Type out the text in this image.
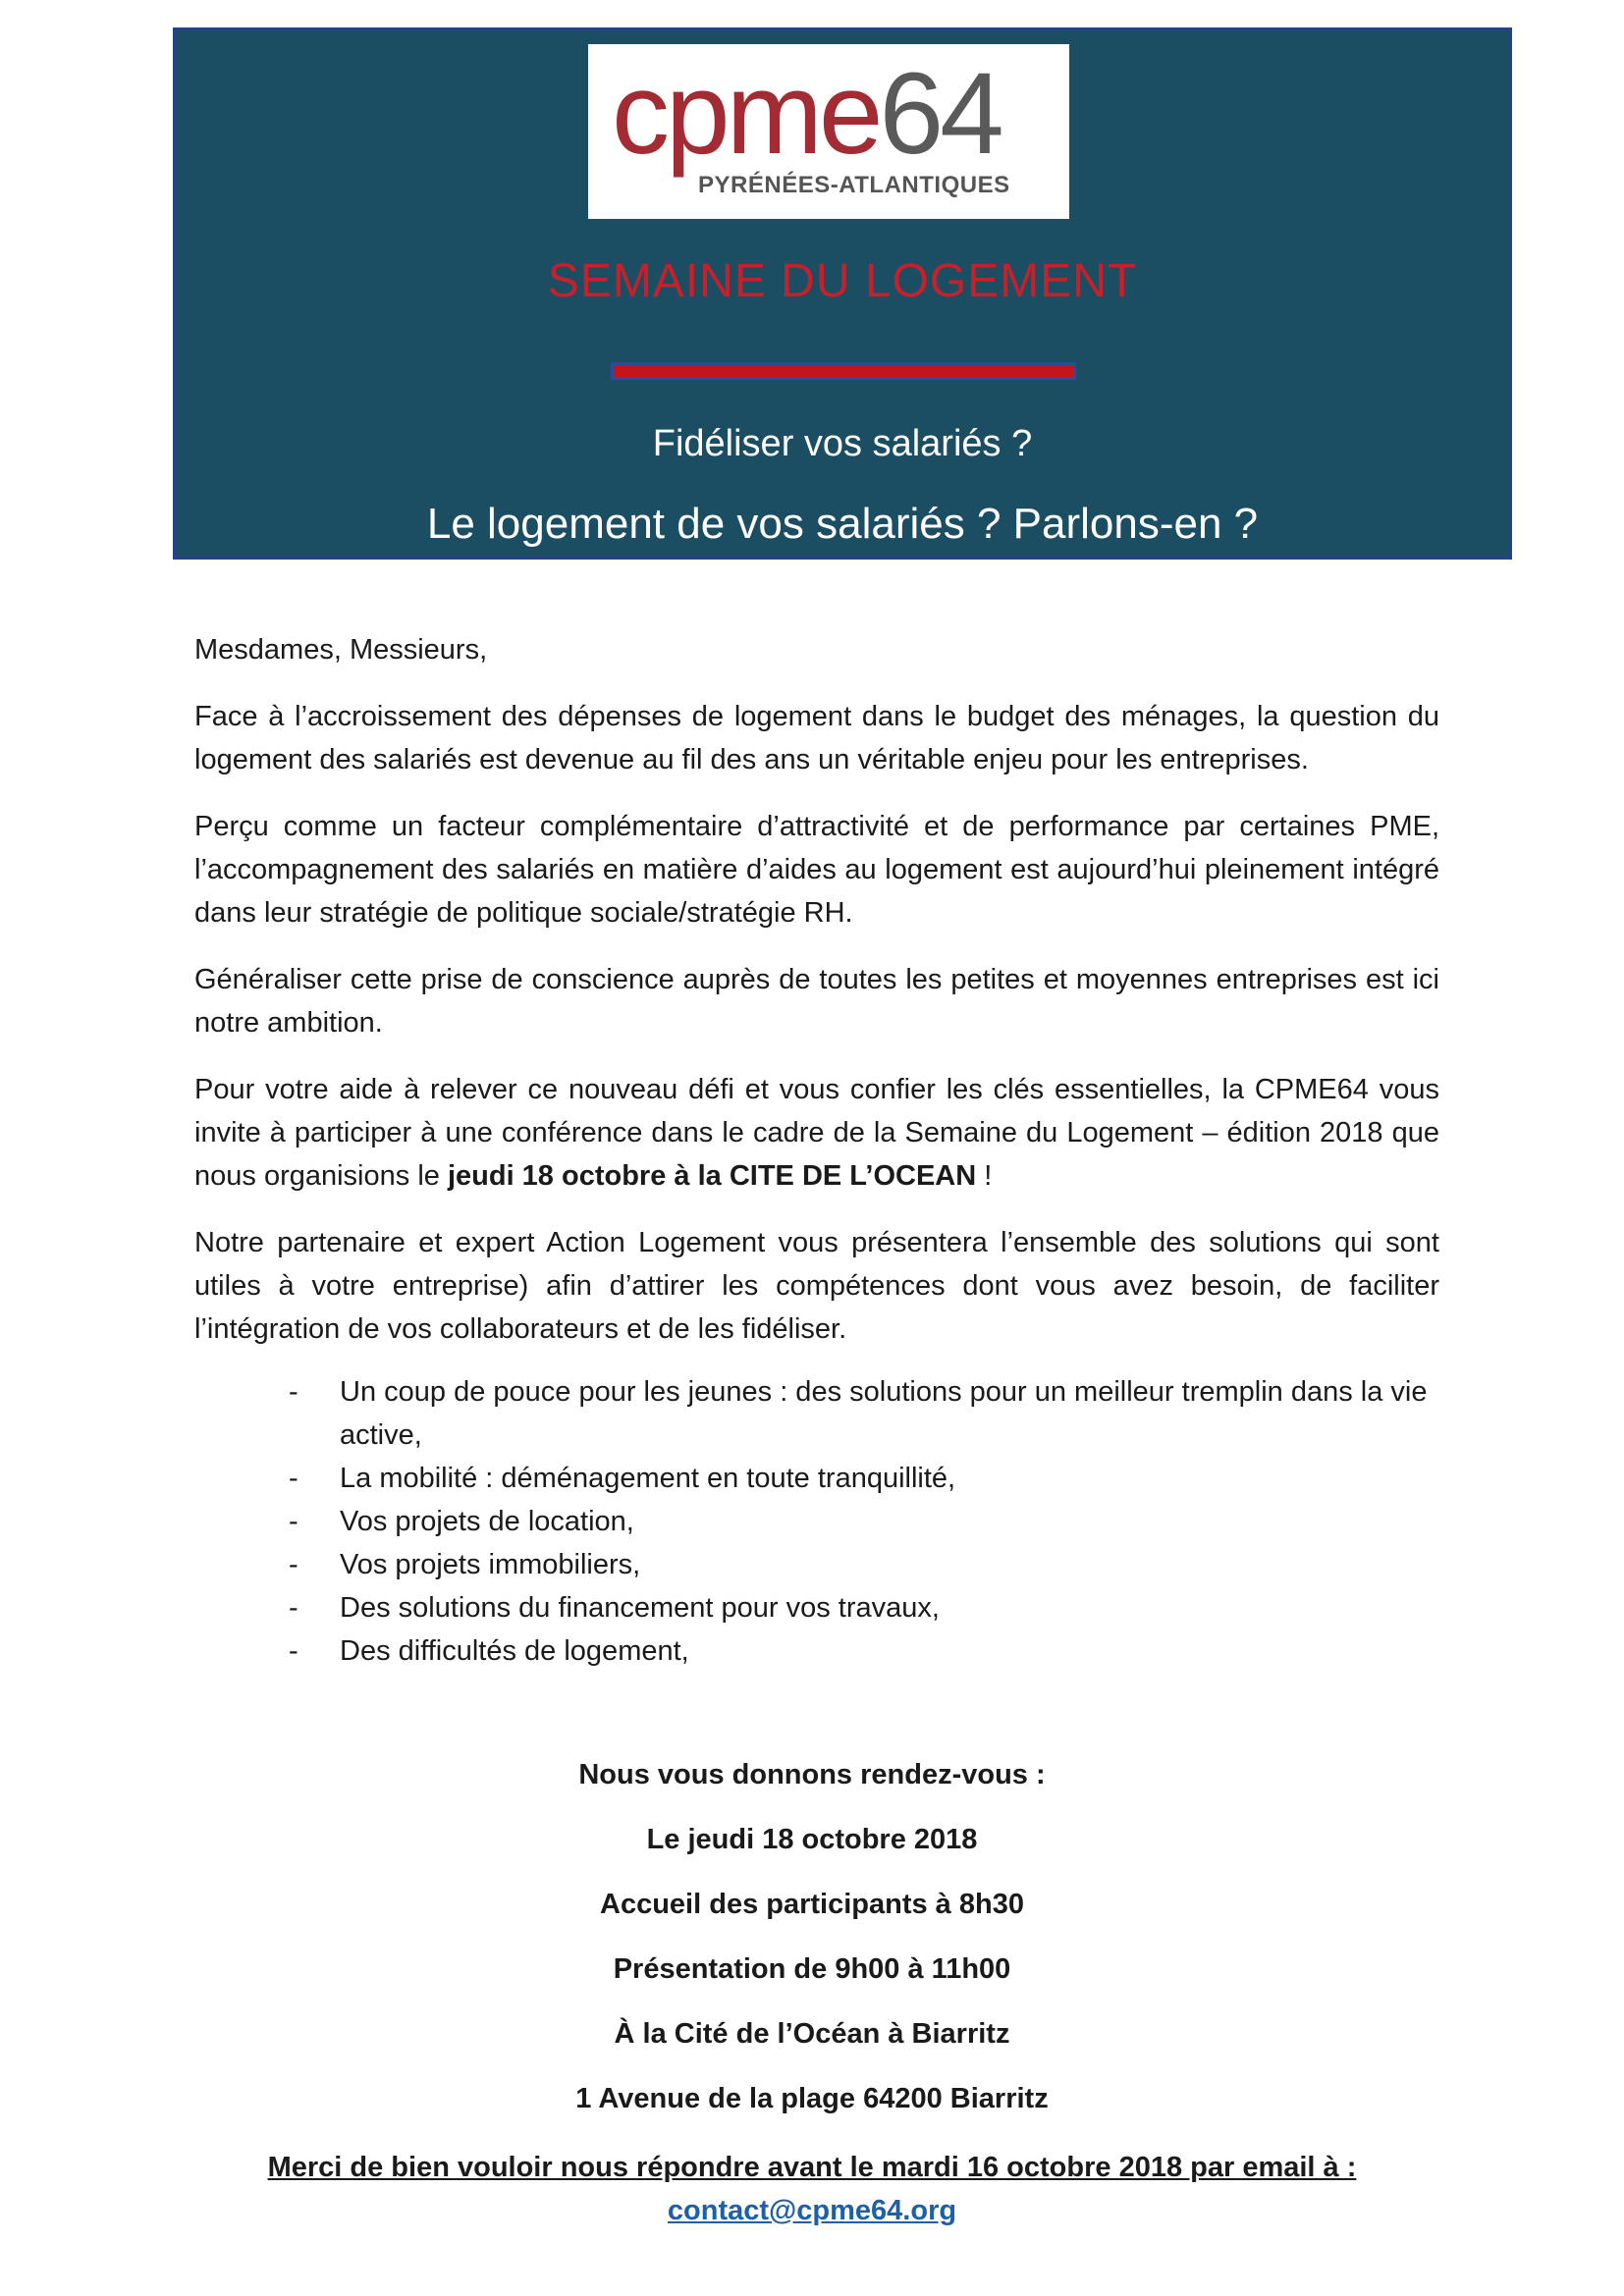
cpme64
PYRÉNÉES-ATLANTIQUES
SEMAINE DU LOGEMENT
Fidéliser vos salariés ?
Le logement de vos salariés ? Parlons-en ?

Mesdames, Messieurs,

Face à l’accroissement des dépenses de logement dans le budget des ménages, la question du logement des salariés est devenue au fil des ans un véritable enjeu pour les entreprises.

Perçu comme un facteur complémentaire d’attractivité et de performance par certaines PME, l’accompagnement des salariés en matière d’aides au logement est aujourd’hui pleinement intégré dans leur stratégie de politique sociale/stratégie RH.

Généraliser cette prise de conscience auprès de toutes les petites et moyennes entreprises est ici notre ambition.

Pour votre aide à relever ce nouveau défi et vous confier les clés essentielles, la CPME64 vous invite à participer à une conférence dans le cadre de la Semaine du Logement – édition 2018 que nous organisions le jeudi 18 octobre à la CITE DE L’OCEAN !

Notre partenaire et expert Action Logement vous présentera l’ensemble des solutions qui sont utiles à votre entreprise) afin d’attirer les compétences dont vous avez besoin, de faciliter l’intégration de vos collaborateurs et de les fidéliser.

- Un coup de pouce pour les jeunes : des solutions pour un meilleur tremplin dans la vie active,
- La mobilité : déménagement en toute tranquillité,
- Vos projets de location,
- Vos projets immobiliers,
- Des solutions du financement pour vos travaux,
- Des difficultés de logement,
Nous vous donnons rendez-vous :
Le jeudi 18 octobre 2018
Accueil des participants à 8h30
Présentation de 9h00 à 11h00
À la Cité de l’Océan à Biarritz
1 Avenue de la plage 64200 Biarritz
Merci de bien vouloir nous répondre avant le mardi 16 octobre 2018 par email à :
contact@cpme64.org
